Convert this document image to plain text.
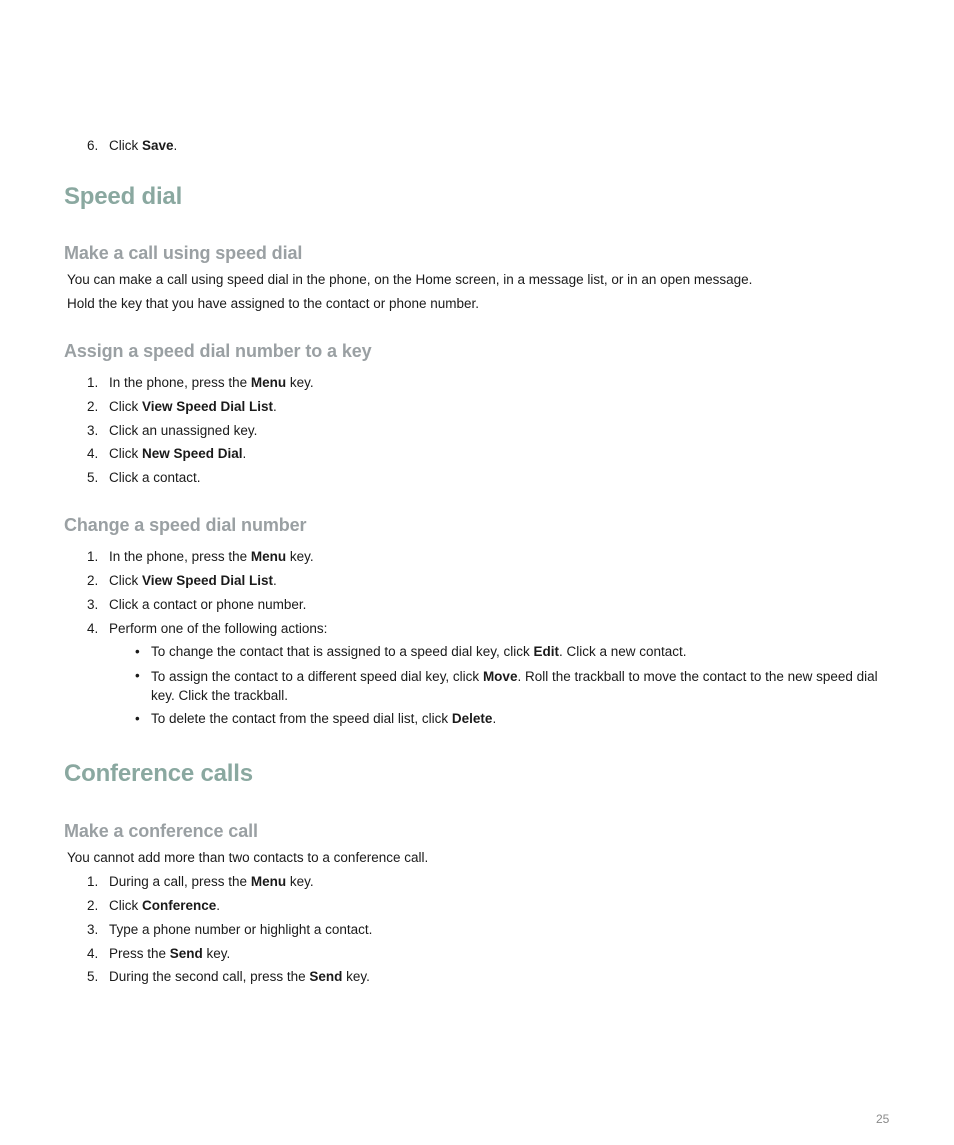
6. Click Save.
Speed dial
Make a call using speed dial
You can make a call using speed dial in the phone, on the Home screen, in a message list, or in an open message.
Hold the key that you have assigned to the contact or phone number.
Assign a speed dial number to a key
1. In the phone, press the Menu key.
2. Click View Speed Dial List.
3. Click an unassigned key.
4. Click New Speed Dial.
5. Click a contact.
Change a speed dial number
1. In the phone, press the Menu key.
2. Click View Speed Dial List.
3. Click a contact or phone number.
4. Perform one of the following actions:
• To change the contact that is assigned to a speed dial key, click Edit. Click a new contact.
• To assign the contact to a different speed dial key, click Move. Roll the trackball to move the contact to the new speed dial key. Click the trackball.
• To delete the contact from the speed dial list, click Delete.
Conference calls
Make a conference call
You cannot add more than two contacts to a conference call.
1. During a call, press the Menu key.
2. Click Conference.
3. Type a phone number or highlight a contact.
4. Press the Send key.
5. During the second call, press the Send key.
25
